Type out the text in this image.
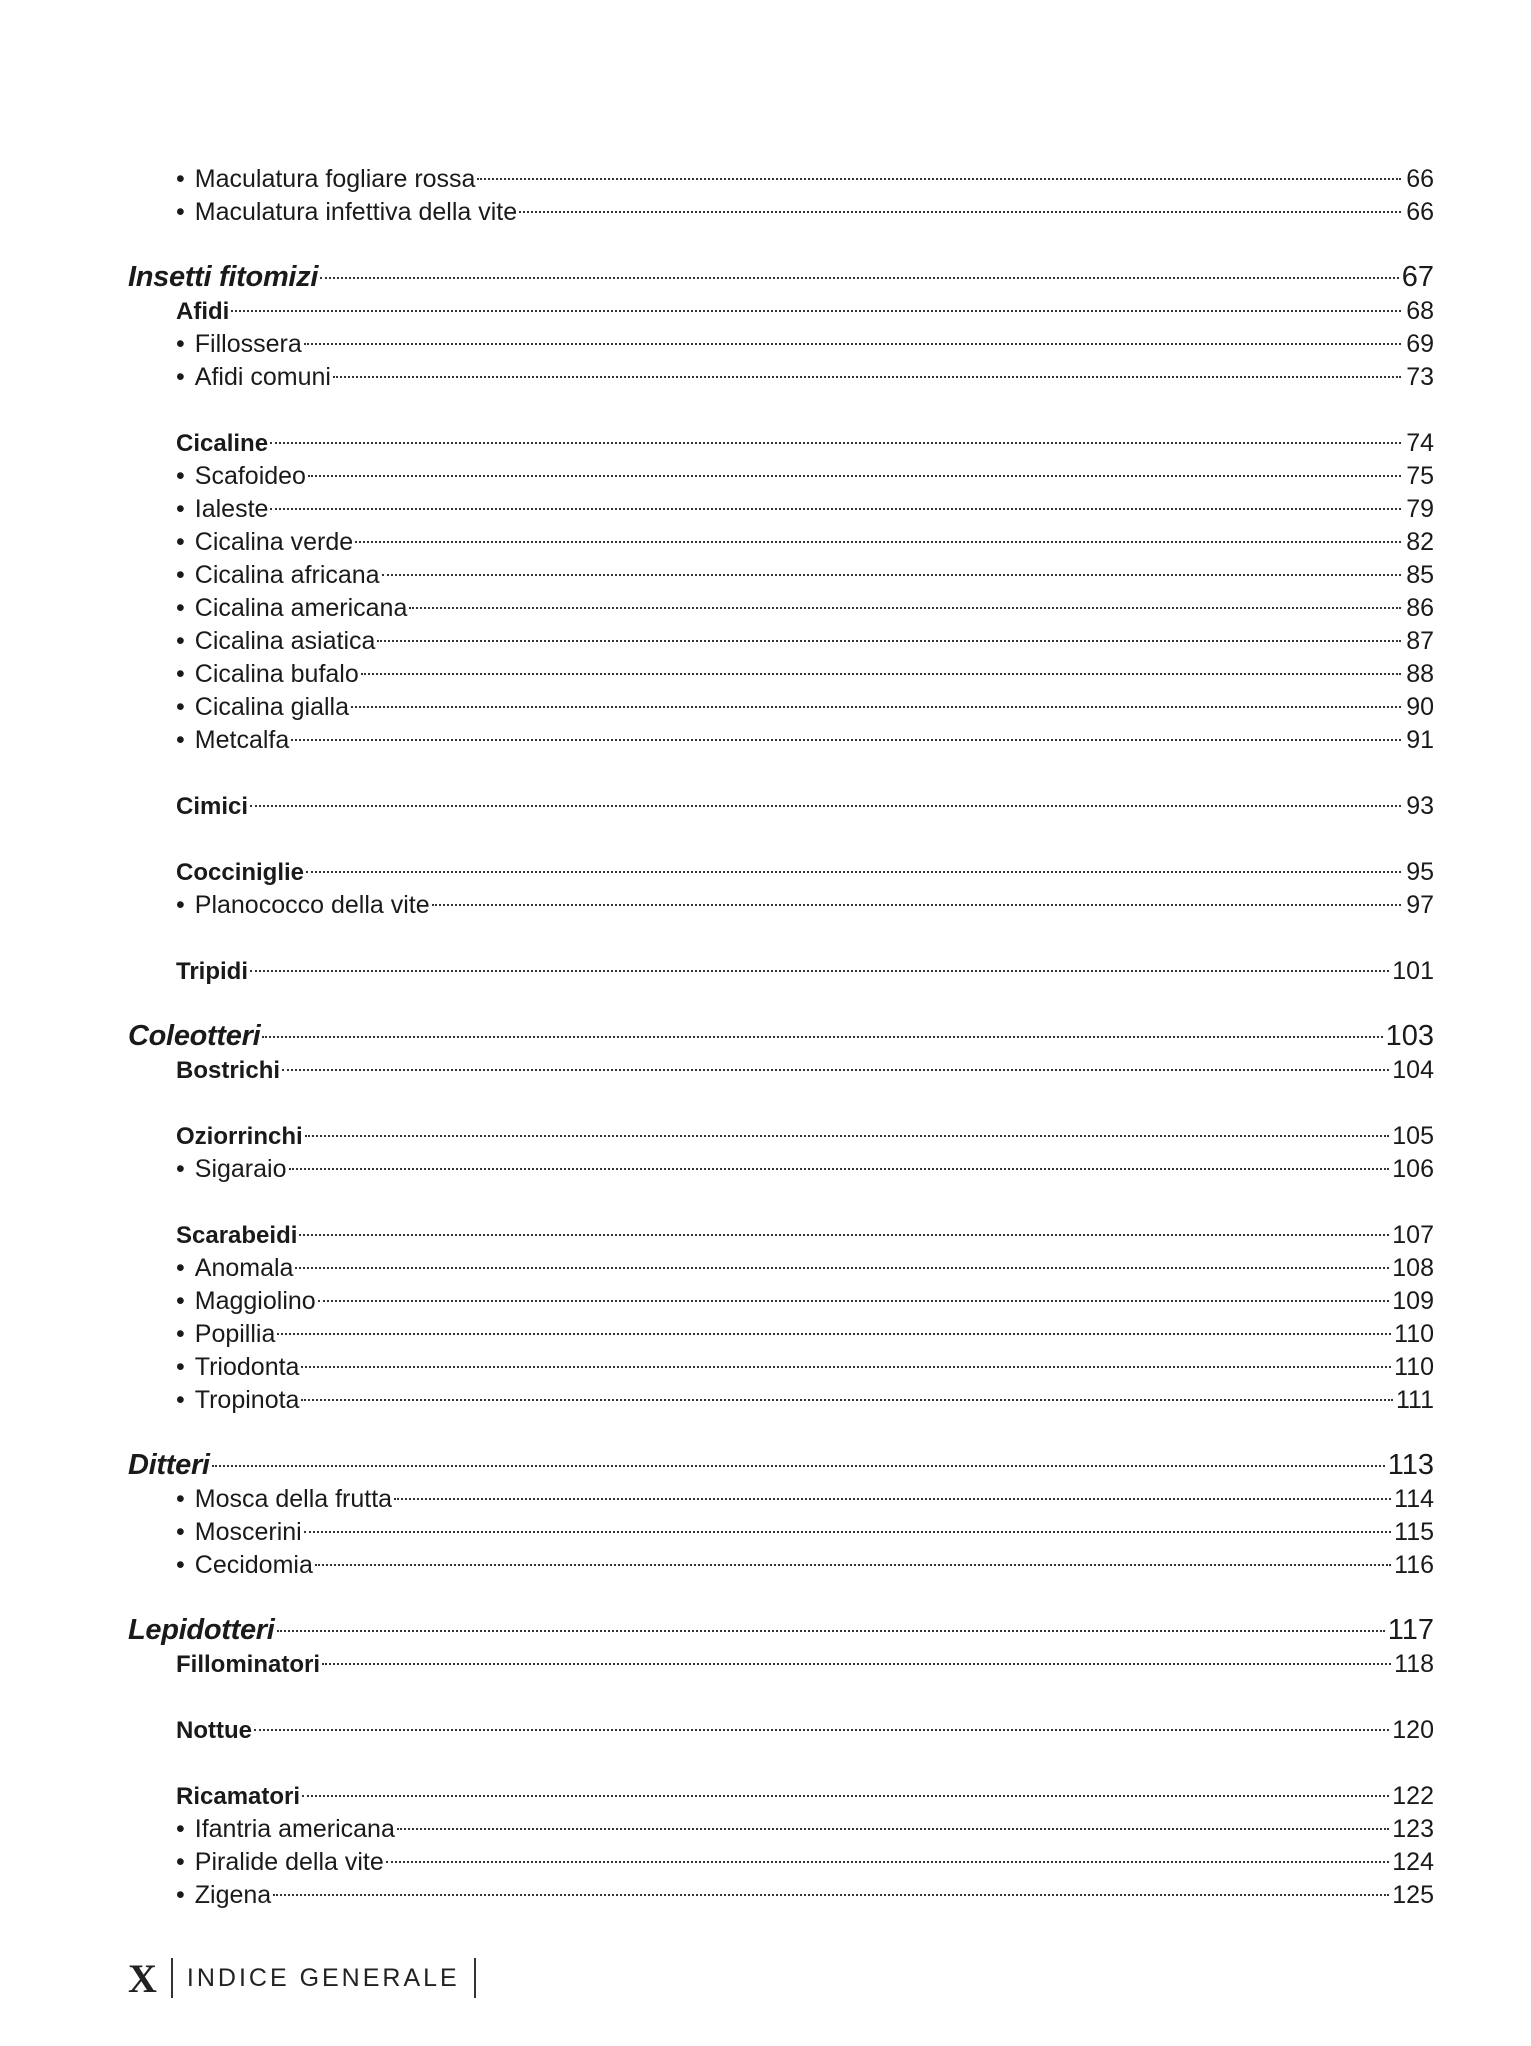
• Maculatura fogliare rossa	66
• Maculatura infettiva della vite	66
Insetti fitomizi	67
Afidi	68
• Fillossera	69
• Afidi comuni	73
Cicaline	74
• Scafoideo	75
• Ialeste	79
• Cicalina verde	82
• Cicalina africana	85
• Cicalina americana	86
• Cicalina asiatica	87
• Cicalina bufalo	88
• Cicalina gialla	90
• Metcalfa	91
Cimici	93
Cocciniglie	95
• Planococco della vite	97
Tripidi	101
Coleotteri	103
Bostrichi	104
Oziorrinchi	105
• Sigaraio	106
Scarabeidi	107
• Anomala	108
• Maggiolino	109
• Popillia	110
• Triodonta	110
• Tropinota	111
Ditteri	113
• Mosca della frutta	114
• Moscerini	115
• Cecidomia	116
Lepidotteri	117
Fillominatori	118
Nottue	120
Ricamatori	122
• Ifantria americana	123
• Piralide della vite	124
• Zigena	125
X INDICE GENERALE
